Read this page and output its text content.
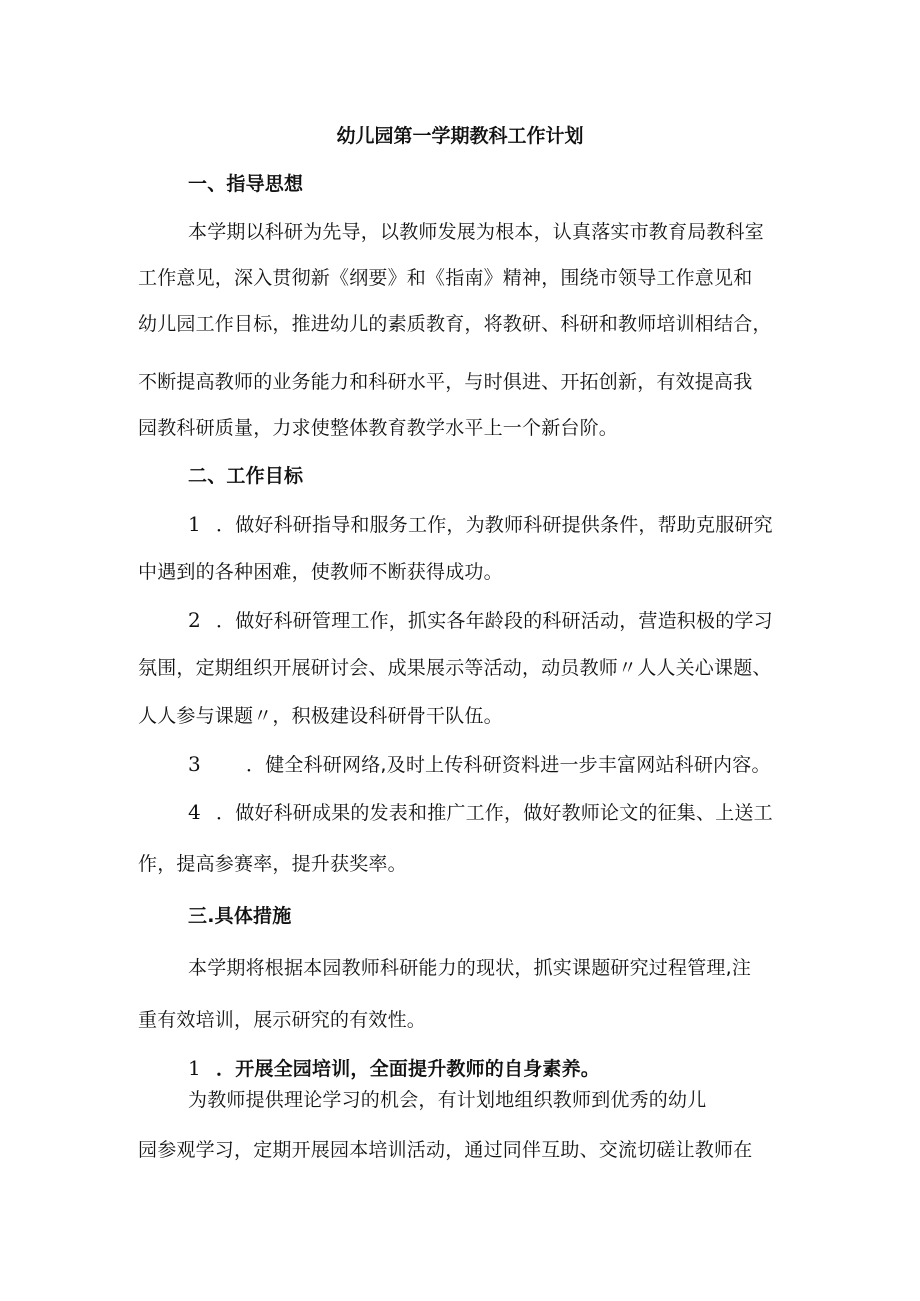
幼儿园第一学期教科工作计划
一、指导思想
本学期以科研为先导，以教师发展为根本，认真落实市教育局教科室
工作意见，深入贯彻新《纲要》和《指南》精神，围绕市领导工作意见和
幼儿园工作目标，推进幼儿的素质教育，将教研、科研和教师培训相结合，
不断提高教师的业务能力和科研水平，与时俱进、开拓创新，有效提高我
园教科研质量，力求使整体教育教学水平上一个新台阶。
二、工作目标
1 ．做好科研指导和服务工作，为教师科研提供条件，帮助克服研究
中遇到的各种困难，使教师不断获得成功。
2 ．做好科研管理工作，抓实各年龄段的科研活动，营造积极的学习
氛围，定期组织开展研讨会、成果展示等活动，动员教师〃人人关心课题、
人人参与课题〃，积极建设科研骨干队伍。
3 ．健全科研网络,及时上传科研资料进一步丰富网站科研内容。
4 ．做好科研成果的发表和推广工作，做好教师论文的征集、上送工
作，提高参赛率，提升获奖率。
三.具体措施
本学期将根据本园教师科研能力的现状，抓实课题研究过程管理,注
重有效培训，展示研究的有效性。
1 ．开展全园培训，全面提升教师的自身素养。
为教师提供理论学习的机会，有计划地组织教师到优秀的幼儿
园参观学习，定期开展园本培训活动，通过同伴互助、交流切磋让教师在
